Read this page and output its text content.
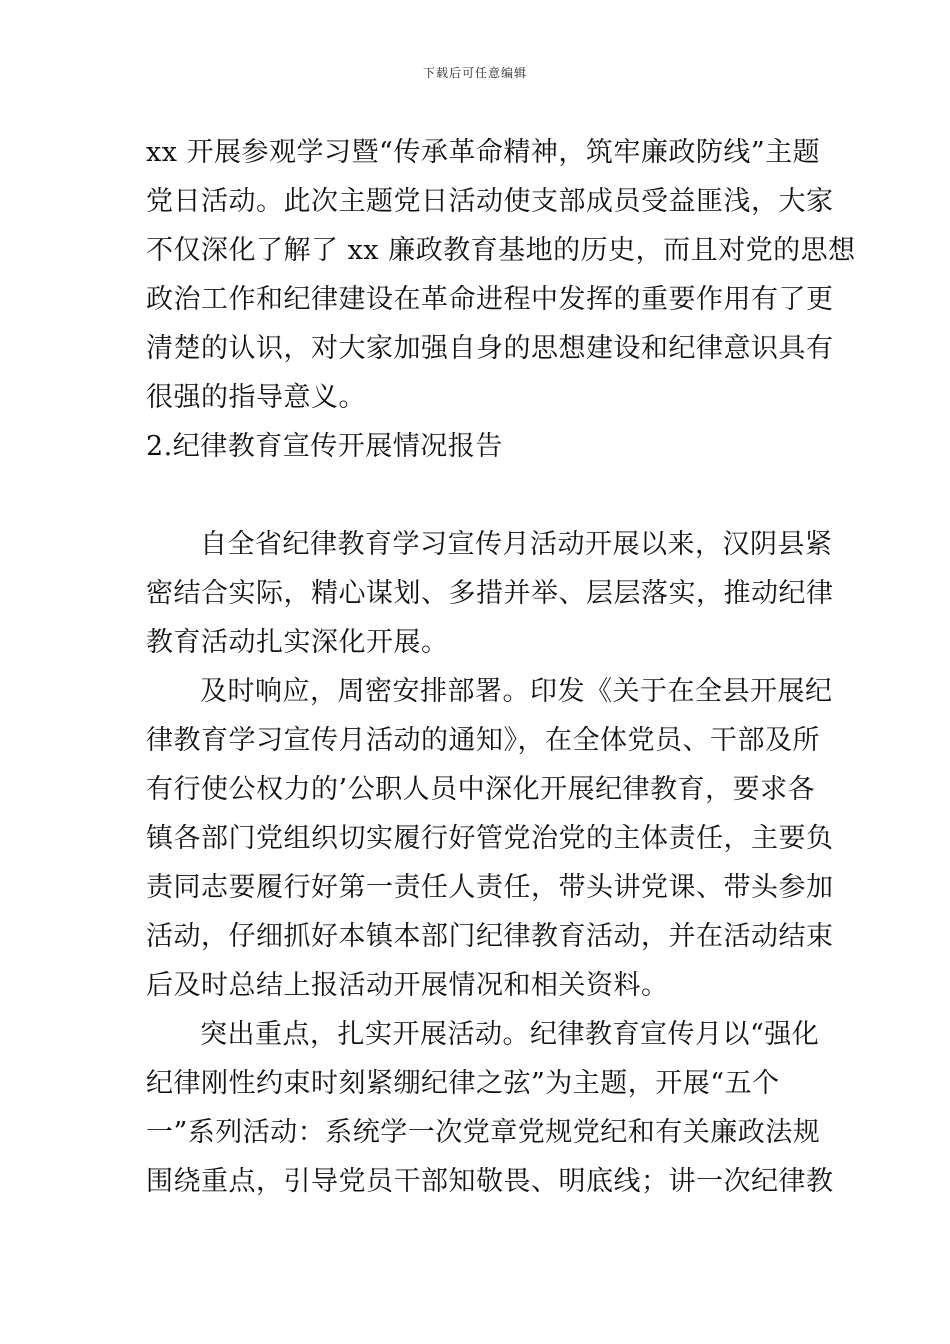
下载后可任意编辑
xx 开展参观学习暨“传承革命精神，筑牢廉政防线”主题
党日活动。此次主题党日活动使支部成员受益匪浅，大家
不仅深化了解了 xx 廉政教育基地的历史，而且对党的思想
政治工作和纪律建设在革命进程中发挥的重要作用有了更
清楚的认识，对大家加强自身的思想建设和纪律意识具有
很强的指导意义。
2.纪律教育宣传开展情况报告
自全省纪律教育学习宣传月活动开展以来，汉阴县紧
密结合实际，精心谋划、多措并举、层层落实，推动纪律
教育活动扎实深化开展。
及时响应，周密安排部署。印发《关于在全县开展纪
律教育学习宣传月活动的通知》，在全体党员、干部及所
有行使公权力的’公职人员中深化开展纪律教育，要求各
镇各部门党组织切实履行好管党治党的主体责任，主要负
责同志要履行好第一责任人责任，带头讲党课、带头参加
活动，仔细抓好本镇本部门纪律教育活动，并在活动结束
后及时总结上报活动开展情况和相关资料。
突出重点，扎实开展活动。纪律教育宣传月以“强化
纪律刚性约束时刻紧绷纪律之弦”为主题，开展“五个
一”系列活动：系统学一次党章党规党纪和有关廉政法规
围绕重点，引导党员干部知敬畏、明底线；讲一次纪律教
